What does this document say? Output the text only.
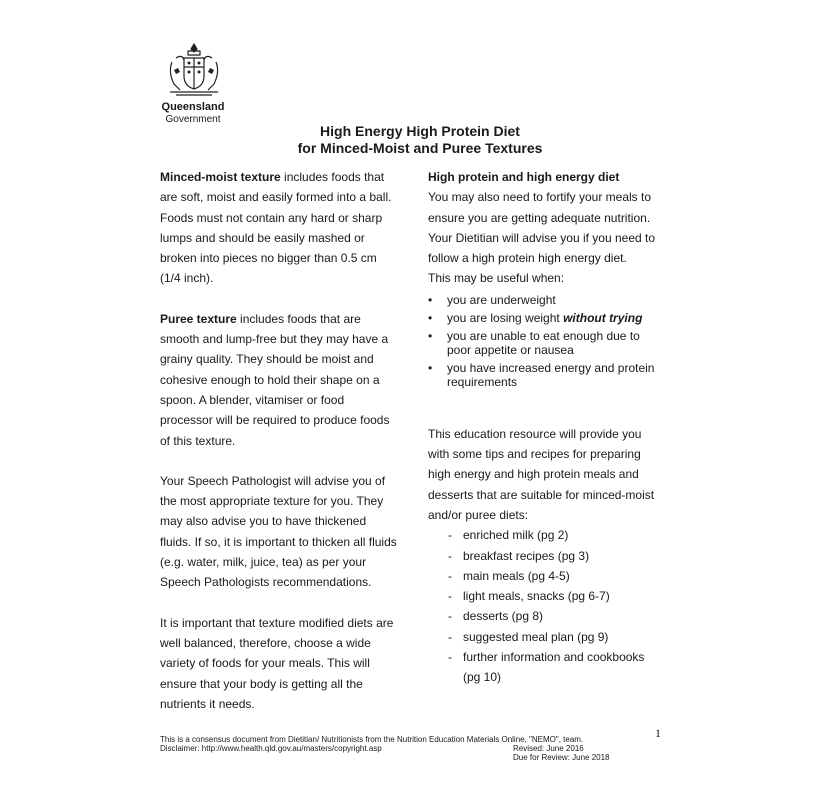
Queensland
Government
High Energy High Protein Diet
for Minced-Moist and Puree Textures

Minced-moist texture includes foods that
are soft, moist and easily formed into a ball.
Foods must not contain any hard or sharp
lumps and should be easily mashed or
broken into pieces no bigger than 0.5 cm
(1/4 inch).

Puree texture includes foods that are
smooth and lump-free but they may have a
grainy quality. They should be moist and
cohesive enough to hold their shape on a
spoon. A blender, vitamiser or food
processor will be required to produce foods
of this texture.

Your Speech Pathologist will advise you of
the most appropriate texture for you. They
may also advise you to have thickened
fluids. If so, it is important to thicken all fluids
(e.g. water, milk, juice, tea) as per your
Speech Pathologists recommendations.

It is important that texture modified diets are
well balanced, therefore, choose a wide
variety of foods for your meals. This will
ensure that your body is getting all the
nutrients it needs.

High protein and high energy diet

You may also need to fortify your meals to
ensure you are getting adequate nutrition.
Your Dietitian will advise you if you need to
follow a high protein high energy diet.
This may be useful when:

• you are underweight
• you are losing weight without trying
• you are unable to eat enough due to
poor appetite or nausea
• you have increased energy and protein
requirements

This education resource will provide you
with some tips and recipes for preparing
high energy and high protein meals and
desserts that are suitable for minced-moist
and/or puree diets:

- enriched milk (pg 2)
- breakfast recipes (pg 3)
- main meals (pg 4-5)
- light meals, snacks (pg 6-7)
- desserts (pg 8)
- suggested meal plan (pg 9)
- further information and cookbooks
(pg 10)
1
This is a consensus document from Dietitian/ Nutritionists from the Nutrition Education Materials Online, "NEMO", team.
Disclaimer: http://www.health.qld.gov.au/masters/copyright.asp	Revised: June 2016
Due for Review: June 2018
